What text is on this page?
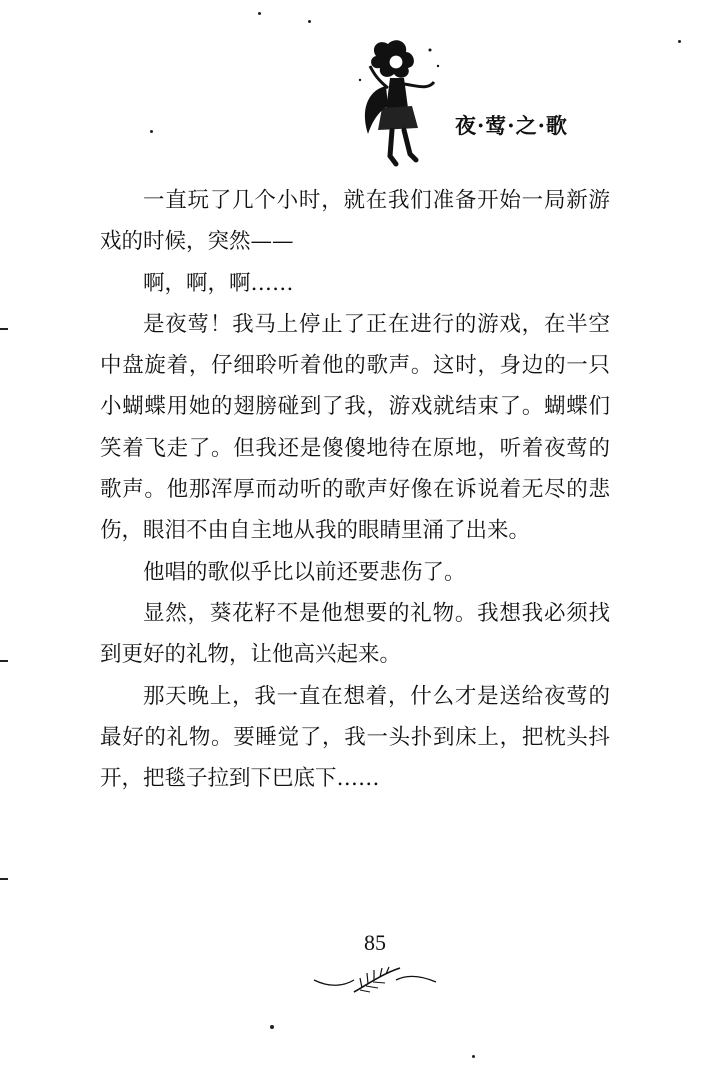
夜·莺·之·歌

一直玩了几个小时，就在我们准备开始一局新游戏的时候，突然——

啊，啊，啊……

是夜莺！我马上停止了正在进行的游戏，在半空中盘旋着，仔细聆听着他的歌声。这时，身边的一只小蝴蝶用她的翅膀碰到了我，游戏就结束了。蝴蝶们笑着飞走了。但我还是傻傻地待在原地，听着夜莺的歌声。他那浑厚而动听的歌声好像在诉说着无尽的悲伤，眼泪不由自主地从我的眼睛里涌了出来。

他唱的歌似乎比以前还要悲伤了。

显然，葵花籽不是他想要的礼物。我想我必须找到更好的礼物，让他高兴起来。

那天晚上，我一直在想着，什么才是送给夜莺的最好的礼物。要睡觉了，我一头扑到床上，把枕头抖开，把毯子拉到下巴底下……

85
